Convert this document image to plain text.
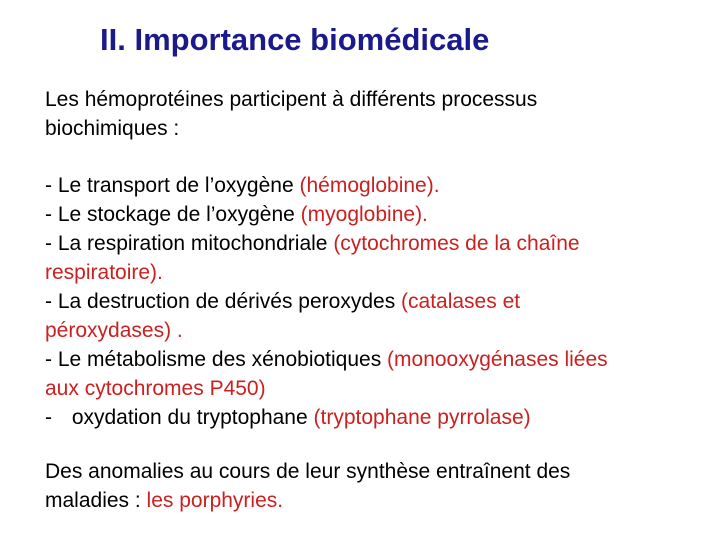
II. Importance biomédicale
Les hémoprotéines participent à différents processus
biochimiques :
- Le transport de l’oxygène (hémoglobine).
- Le stockage de l’oxygène (myoglobine).
- La respiration mitochondriale (cytochromes de la chaîne
respiratoire).
- La destruction de dérivés peroxydes (catalases et
péroxydases) .
- Le métabolisme des xénobiotiques (monooxygénases liées
aux cytochromes P450)
- oxydation du tryptophane (tryptophane pyrrolase)
Des anomalies au cours de leur synthèse entraînent des
maladies : les porphyries.
